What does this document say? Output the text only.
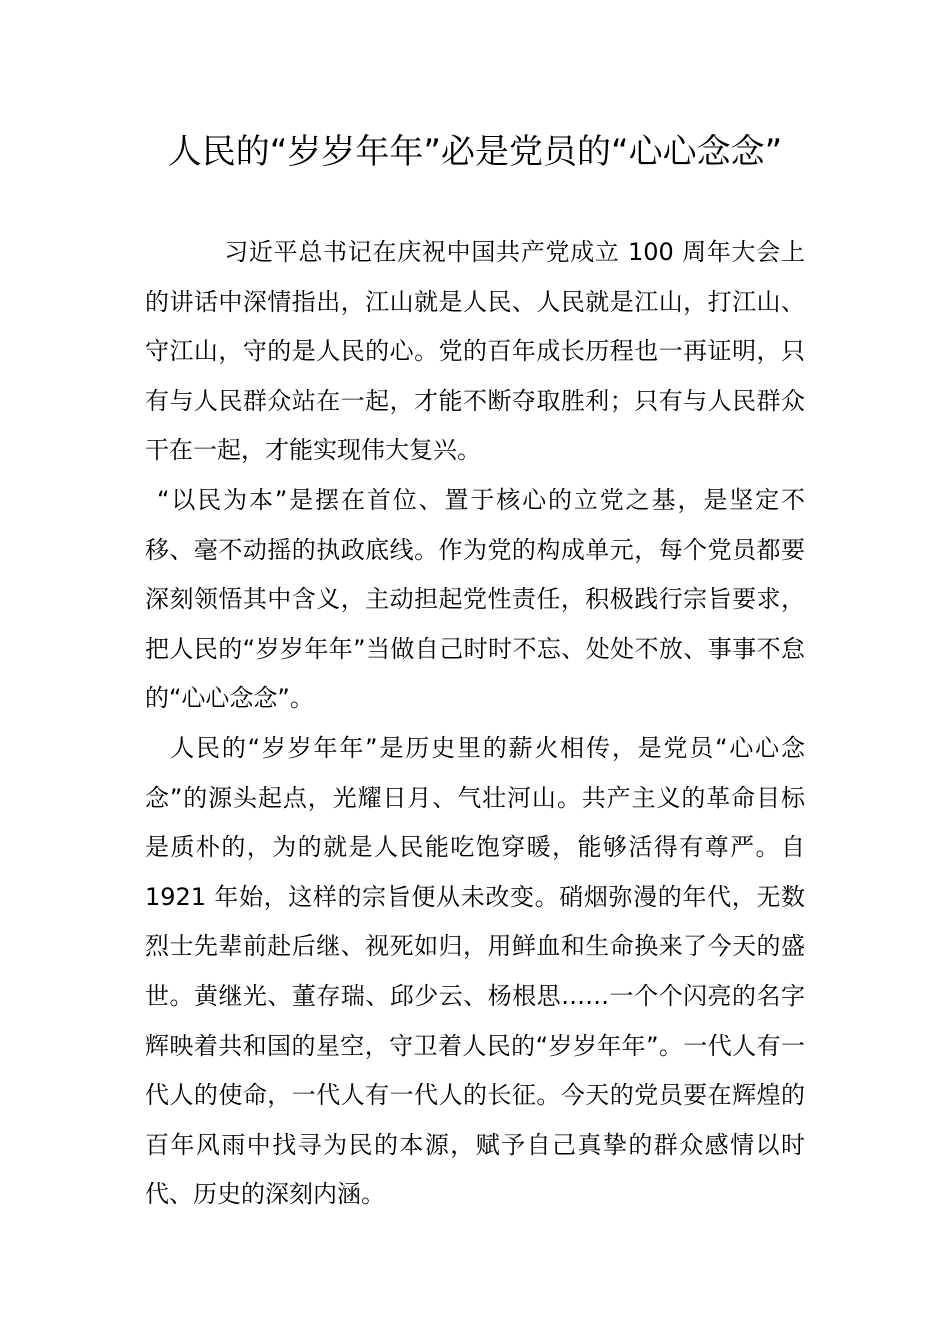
人民的“岁岁年年”必是党员的“心心念念”

习近平总书记在庆祝中国共产党成立 100 周年大会上的讲话中深情指出，江山就是人民、人民就是江山，打江山、守江山，守的是人民的心。党的百年成长历程也一再证明，只有与人民群众站在一起，才能不断夺取胜利；只有与人民群众干在一起，才能实现伟大复兴。

“以民为本”是摆在首位、置于核心的立党之基，是坚定不移、毫不动摇的执政底线。作为党的构成单元，每个党员都要深刻领悟其中含义，主动担起党性责任，积极践行宗旨要求，把人民的“岁岁年年”当做自己时时不忘、处处不放、事事不怠的“心心念念”。

人民的“岁岁年年”是历史里的薪火相传，是党员“心心念念”的源头起点，光耀日月、气壮河山。共产主义的革命目标是质朴的，为的就是人民能吃饱穿暖，能够活得有尊严。自 1921 年始，这样的宗旨便从未改变。硝烟弥漫的年代，无数烈士先辈前赴后继、视死如归，用鲜血和生命换来了今天的盛世。黄继光、董存瑞、邱少云、杨根思……一个个闪亮的名字辉映着共和国的星空，守卫着人民的“岁岁年年”。一代人有一代人的使命，一代人有一代人的长征。今天的党员要在辉煌的百年风雨中找寻为民的本源，赋予自己真挚的群众感情以时代、历史的深刻内涵。
